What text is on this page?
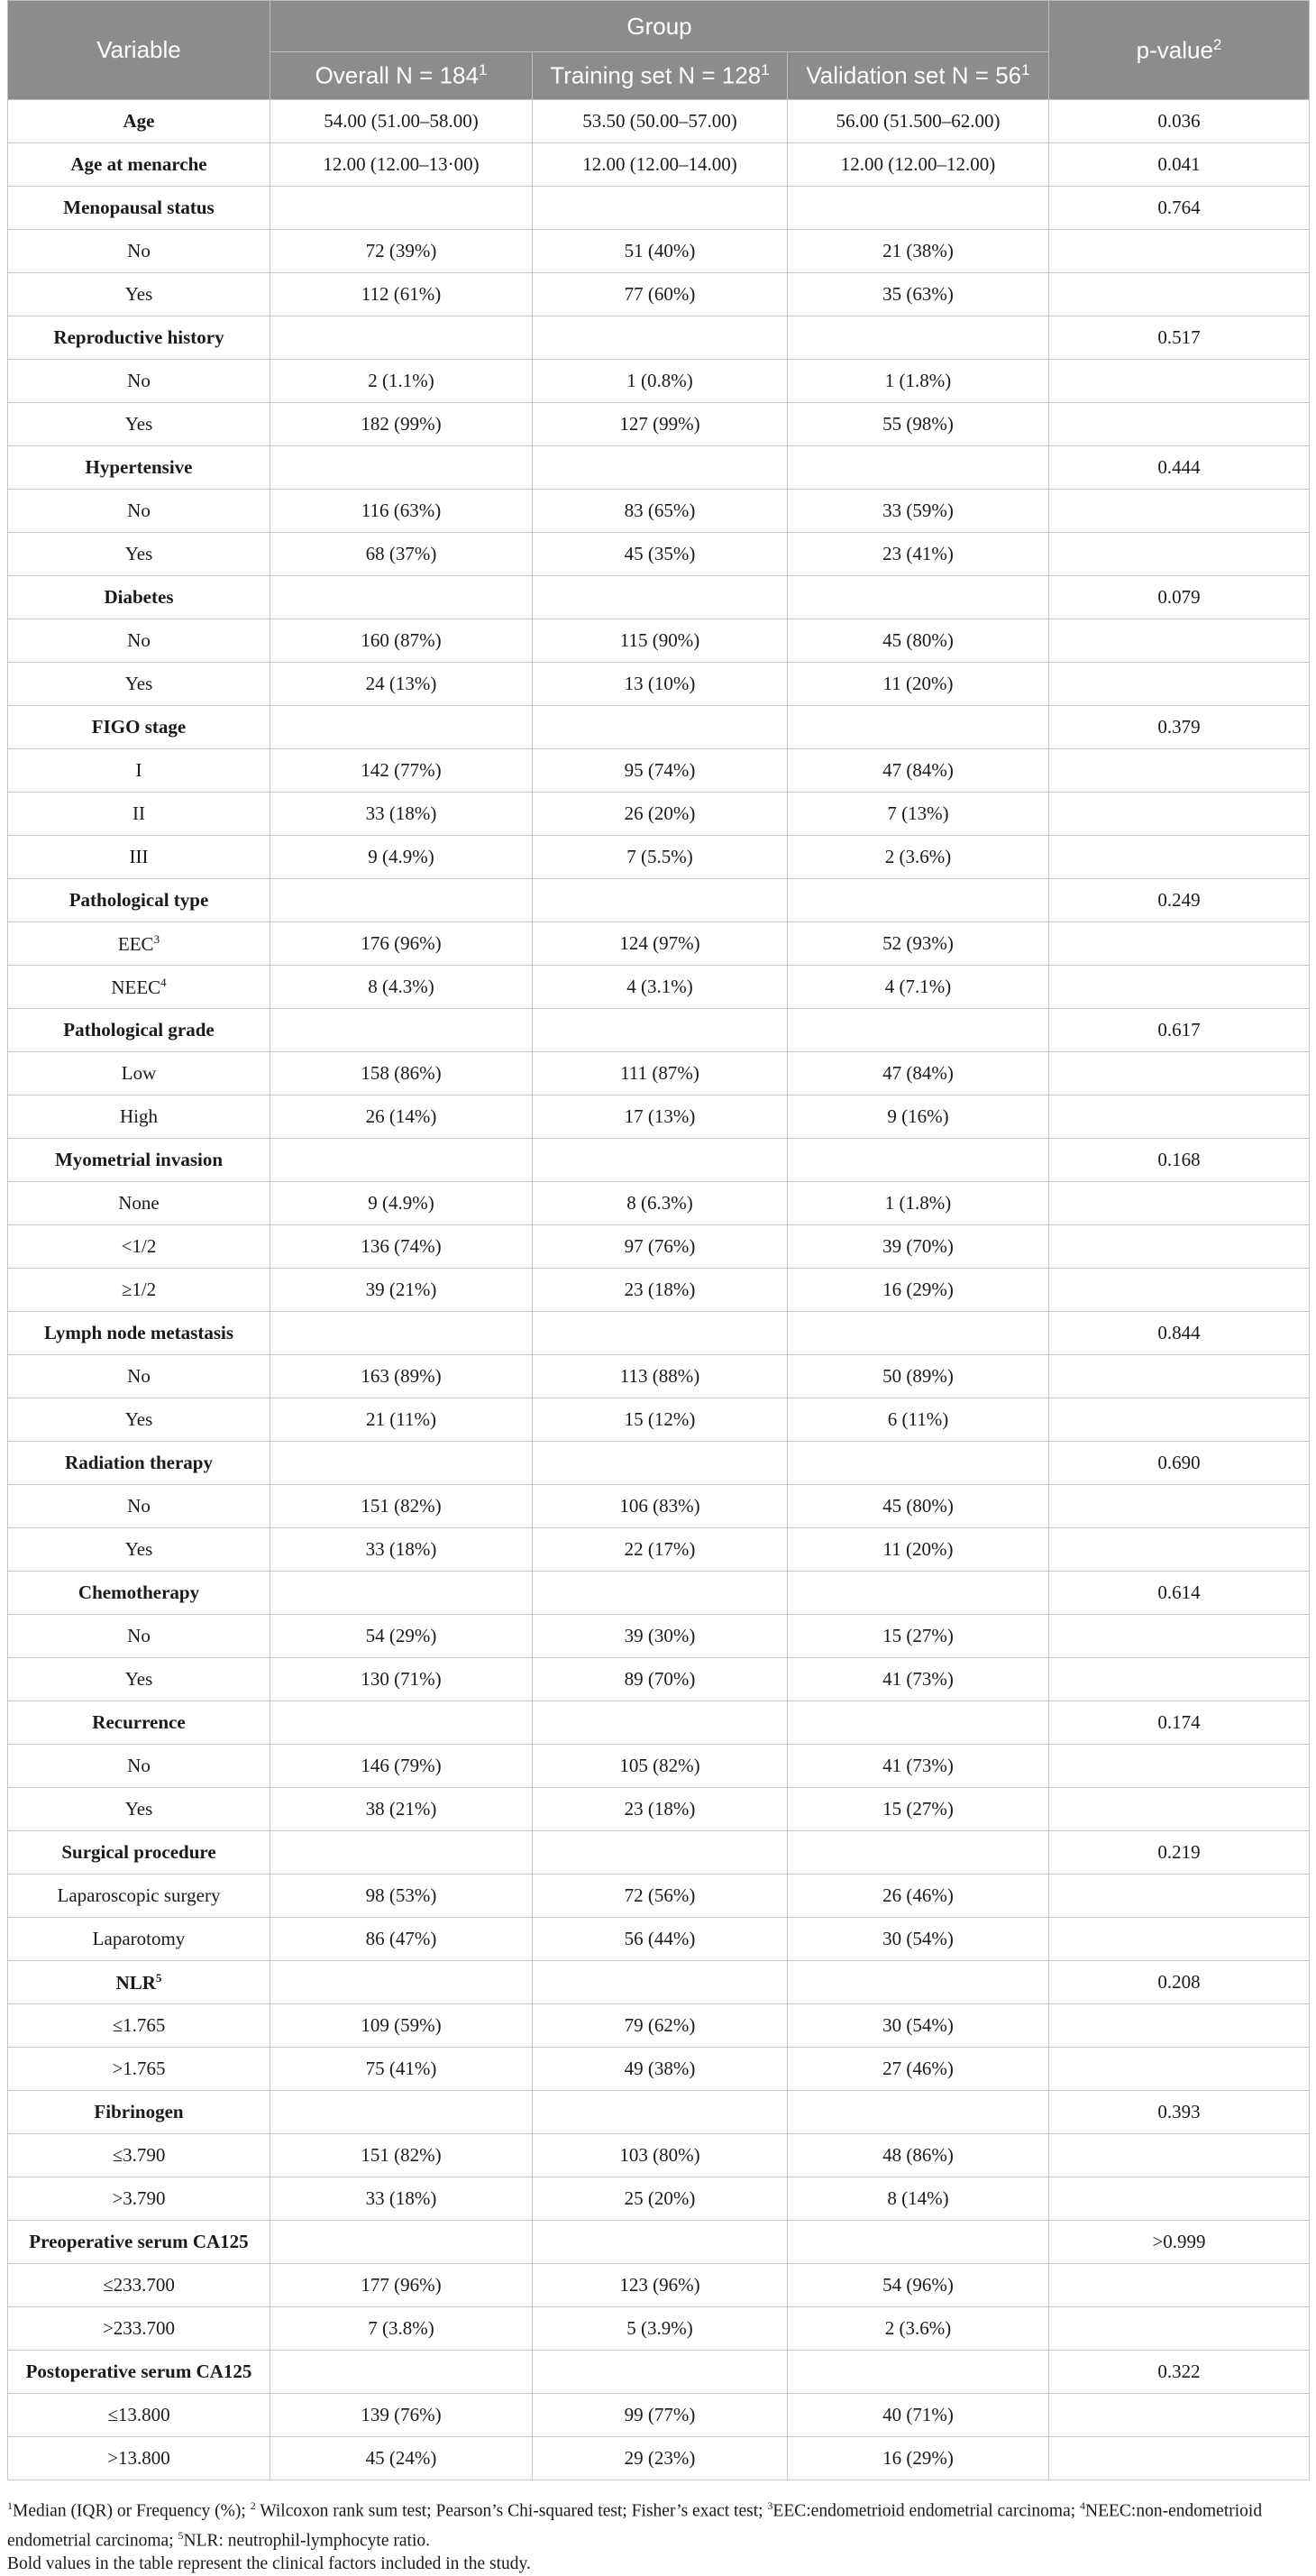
Variable	Group			p-value$^2$
	Overall $N = 184^1$	Training set $N = 128^1$	Validation set $N = 56^1$
Age	54.00 (51.00–58.00)	53.50 (50.00–57.00)	56.00 (51.500–62.00)	0.036
Age at menarche	12.00 (12.00–13·00)	12.00 (12.00–14.00)	12.00 (12.00–12.00)	0.041
Menopausal status				0.764
No	72 (39%)	51 (40%)	21 (38%)	
Yes	112 (61%)	77 (60%)	35 (63%)	
Reproductive history				0.517
No	2 (1.1%)	1 (0.8%)	1 (1.8%)	
Yes	182 (99%)	127 (99%)	55 (98%)	
Hypertensive				0.444
No	116 (63%)	83 (65%)	33 (59%)	
Yes	68 (37%)	45 (35%)	23 (41%)	
Diabetes				0.079
No	160 (87%)	115 (90%)	45 (80%)	
Yes	24 (13%)	13 (10%)	11 (20%)	
FIGO stage				0.379
I	142 (77%)	95 (74%)	47 (84%)	
II	33 (18%)	26 (20%)	7 (13%)	
III	9 (4.9%)	7 (5.5%)	2 (3.6%)	
Pathological type				0.249
EEC$^3$	176 (96%)	124 (97%)	52 (93%)	
NEEC$^4$	8 (4.3%)	4 (3.1%)	4 (7.1%)	
Pathological grade				0.617
Low	158 (86%)	111 (87%)	47 (84%)	
High	26 (14%)	17 (13%)	9 (16%)	
Myometrial invasion				0.168
None	9 (4.9%)	8 (6.3%)	1 (1.8%)	
<1/2	136 (74%)	97 (76%)	39 (70%)	
≥1/2	39 (21%)	23 (18%)	16 (29%)	
Lymph node metastasis				0.844
No	163 (89%)	113 (88%)	50 (89%)	
Yes	21 (11%)	15 (12%)	6 (11%)	
Radiation therapy				0.690
No	151 (82%)	106 (83%)	45 (80%)	
Yes	33 (18%)	22 (17%)	11 (20%)	
Chemotherapy				0.614
No	54 (29%)	39 (30%)	15 (27%)	
Yes	130 (71%)	89 (70%)	41 (73%)	
Recurrence				0.174
No	146 (79%)	105 (82%)	41 (73%)	
Yes	38 (21%)	23 (18%)	15 (27%)	
Surgical procedure				0.219
Laparoscopic surgery	98 (53%)	72 (56%)	26 (46%)	
Laparotomy	86 (47%)	56 (44%)	30 (54%)	
NLR$^5$				0.208
≤1.765	109 (59%)	79 (62%)	30 (54%)	
>1.765	75 (41%)	49 (38%)	27 (46%)	
Fibrinogen				0.393
≤3.790	151 (82%)	103 (80%)	48 (86%)	
>3.790	33 (18%)	25 (20%)	8 (14%)	
Preoperative serum CA125				>0.999
≤233.700	177 (96%)	123 (96%)	54 (96%)	
>233.700	7 (3.8%)	5 (3.9%)	2 (3.6%)	
Postoperative serum CA125				0.322
≤13.800	139 (76%)	99 (77%)	40 (71%)	
>13.800	45 (24%)	29 (23%)	16 (29%)	
$^1$Median (IQR) or Frequency (%); $^2$ Wilcoxon rank sum test; Pearson’s Chi-squared test; Fisher’s exact test; $^3$EEC:endometrioid endometrial carcinoma; $^4$NEEC:non-endometrioid endometrial carcinoma; $^5$NLR: neutrophil-lymphocyte ratio.
Bold values in the table represent the clinical factors included in the study.
